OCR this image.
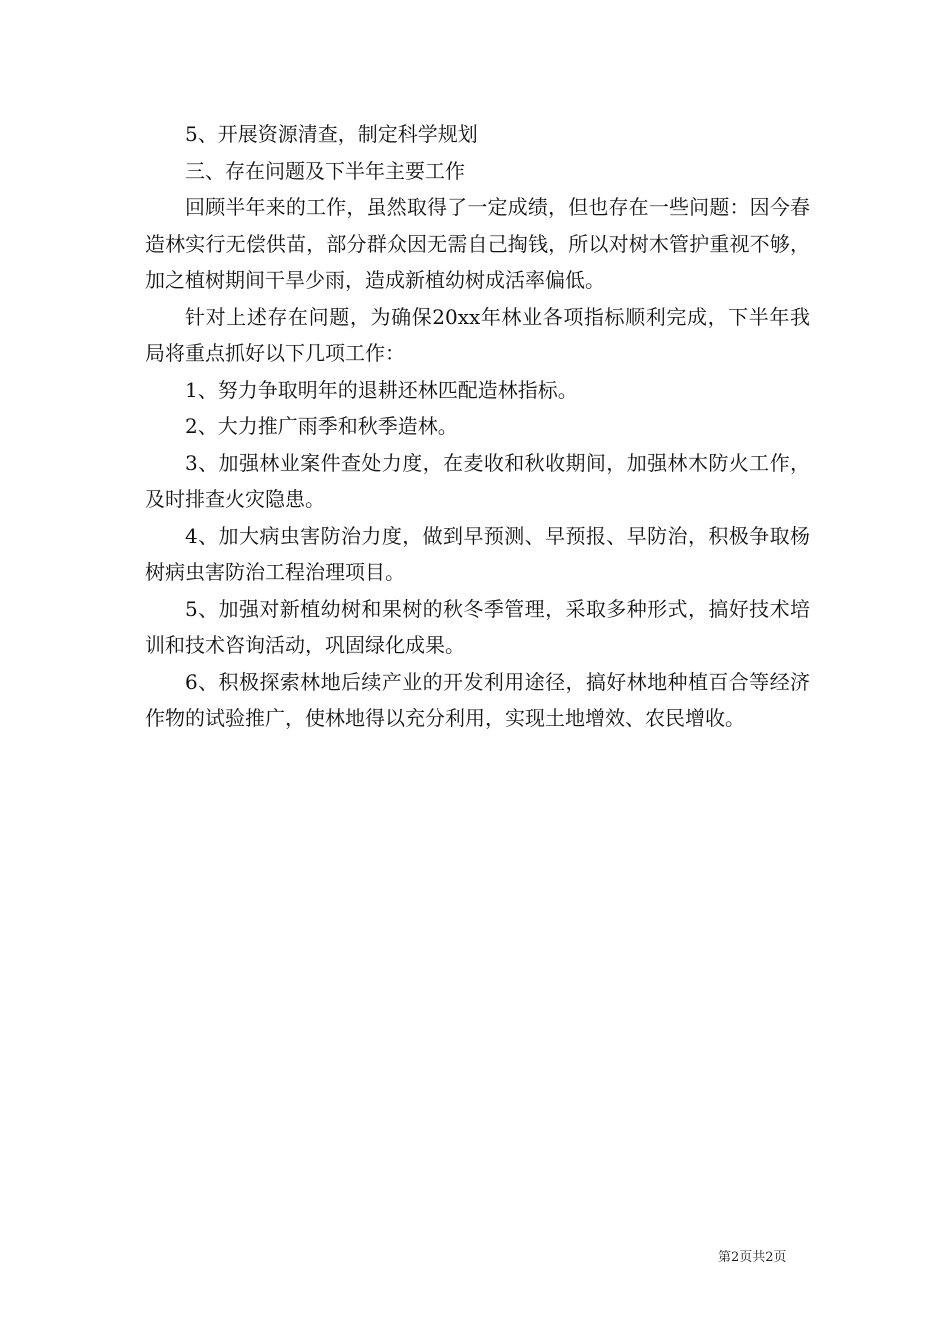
5、开展资源清查，制定科学规划

三、存在问题及下半年主要工作

回顾半年来的工作，虽然取得了一定成绩，但也存在一些问题：因今春造林实行无偿供苗，部分群众因无需自己掏钱，所以对树木管护重视不够，加之植树期间干旱少雨，造成新植幼树成活率偏低。

针对上述存在问题，为确保20xx年林业各项指标顺利完成，下半年我局将重点抓好以下几项工作：

1、努力争取明年的退耕还林匹配造林指标。

2、大力推广雨季和秋季造林。

3、加强林业案件查处力度，在麦收和秋收期间，加强林木防火工作，及时排查火灾隐患。

4、加大病虫害防治力度，做到早预测、早预报、早防治，积极争取杨树病虫害防治工程治理项目。

5、加强对新植幼树和果树的秋冬季管理，采取多种形式，搞好技术培训和技术咨询活动，巩固绿化成果。

6、积极探索林地后续产业的开发利用途径，搞好林地种植百合等经济作物的试验推广，使林地得以充分利用，实现土地增效、农民增收。

第2页共2页
